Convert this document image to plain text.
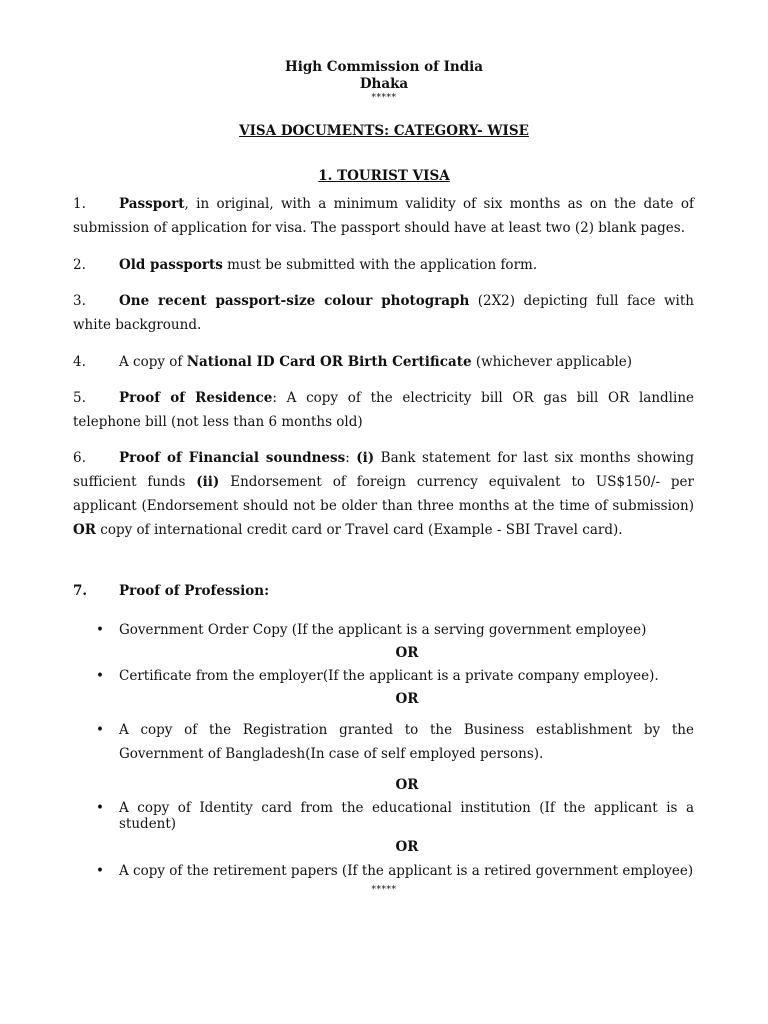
High Commission of India
Dhaka
*****
VISA DOCUMENTS: CATEGORY- WISE
1. TOURIST VISA
1. Passport, in original, with a minimum validity of six months as on the date of submission of application for visa. The passport should have at least two (2) blank pages.
2. Old passports must be submitted with the application form.
3. One recent passport-size colour photograph (2X2) depicting full face with white background.
4. A copy of National ID Card OR Birth Certificate (whichever applicable)
5. Proof of Residence: A copy of the electricity bill OR gas bill OR landline telephone bill (not less than 6 months old)
6. Proof of Financial soundness: (i) Bank statement for last six months showing sufficient funds (ii) Endorsement of foreign currency equivalent to US$150/- per applicant (Endorsement should not be older than three months at the time of submission) OR copy of international credit card or Travel card (Example - SBI Travel card).
7. Proof of Profession:
• Government Order Copy (If the applicant is a serving government employee)
OR
• Certificate from the employer(If the applicant is a private company employee).
OR
• A copy of the Registration granted to the Business establishment by the Government of Bangladesh(In case of self employed persons).
OR
• A copy of Identity card from the educational institution (If the applicant is a student)
OR
• A copy of the retirement papers (If the applicant is a retired government employee)
*****
